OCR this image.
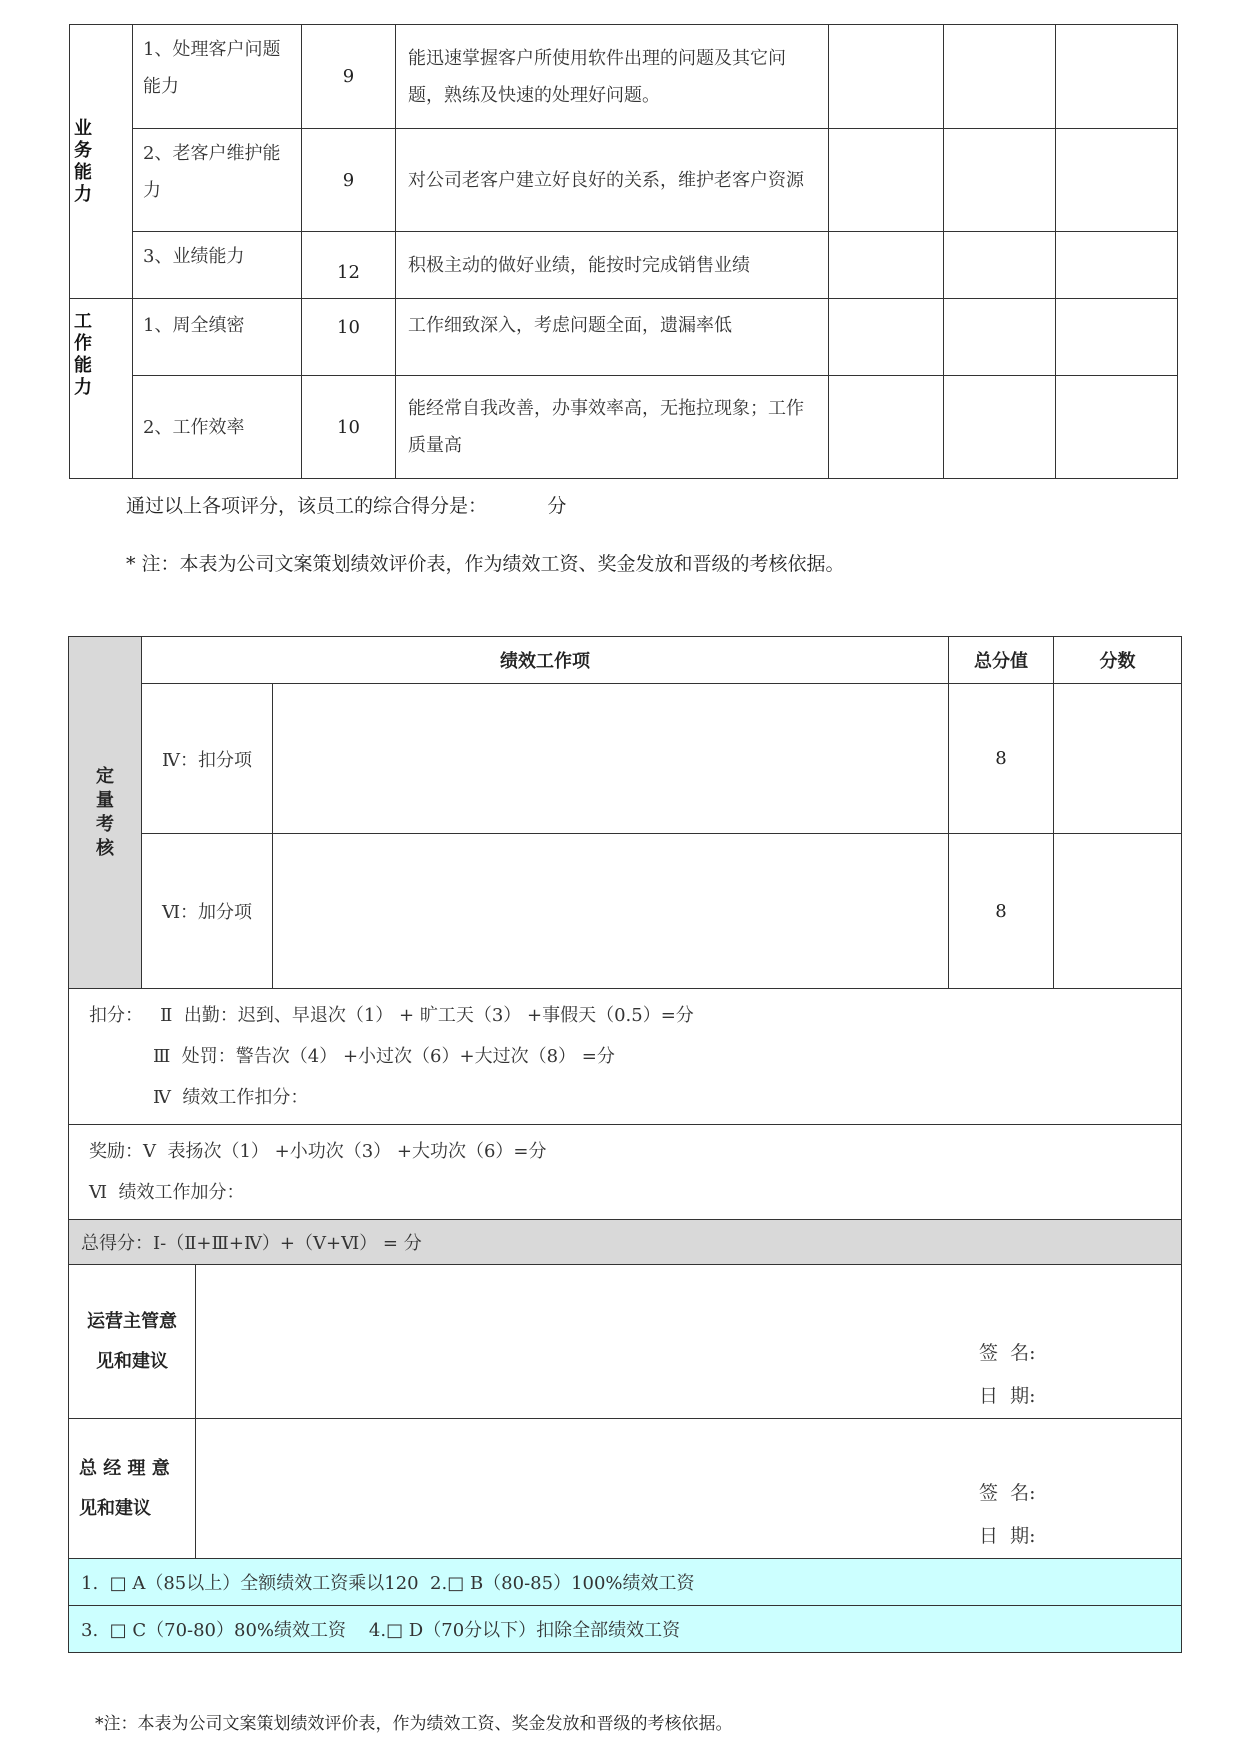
业务能力	1、处理客户问题能力	9	能迅速掌握客户所使用软件出理的问题及其它问题，熟练及快速的处理好问题。			
	2、老客户维护能力	9	对公司老客户建立好良好的关系，维护老客户资源			
	3、业绩能力	12	积极主动的做好业绩，能按时完成销售业绩			

工作能力	1、周全缜密	10	工作细致深入，考虑问题全面，遗漏率低			
	2、工作效率	10	能经常自我改善，办事效率高，无拖拉现象；工作质量高			
通过以上各项评分，该员工的综合得分是：          分
* 注：本表为公司文案策划绩效评价表，作为绩效工资、奖金发放和晋级的考核依据。
定量考核	绩效工作项			总分值	分数
	Ⅳ：扣分项			8	
	Ⅵ：加分项			8	

扣分：   Ⅱ  出勤：迟到、早退次（1） + 旷工天（3） +事假天（0.5）=分
Ⅲ  处罚：警告次（4） +小过次（6）+大过次（8） =分
Ⅳ  绩效工作扣分：					

奖励：Ⅴ  表扬次（1） +小功次（3） +大功次（6）=分
Ⅵ  绩效工作加分：					

总得分：Ⅰ-（Ⅱ+Ⅲ+Ⅳ）+（Ⅴ+Ⅵ） = 分					
运营主管意见和建议		签  名:
日  期:			

总 经 理 意 见和建议		签  名:
日  期:			

1.  □ A（85以上）全额绩效工资乘以120  2.□ B（80-85）100%绩效工资					
3.  □ C（70-80）80%绩效工资    4.□ D（70分以下）扣除全部绩效工资					
*注：本表为公司文案策划绩效评价表，作为绩效工资、奖金发放和晋级的考核依据。
